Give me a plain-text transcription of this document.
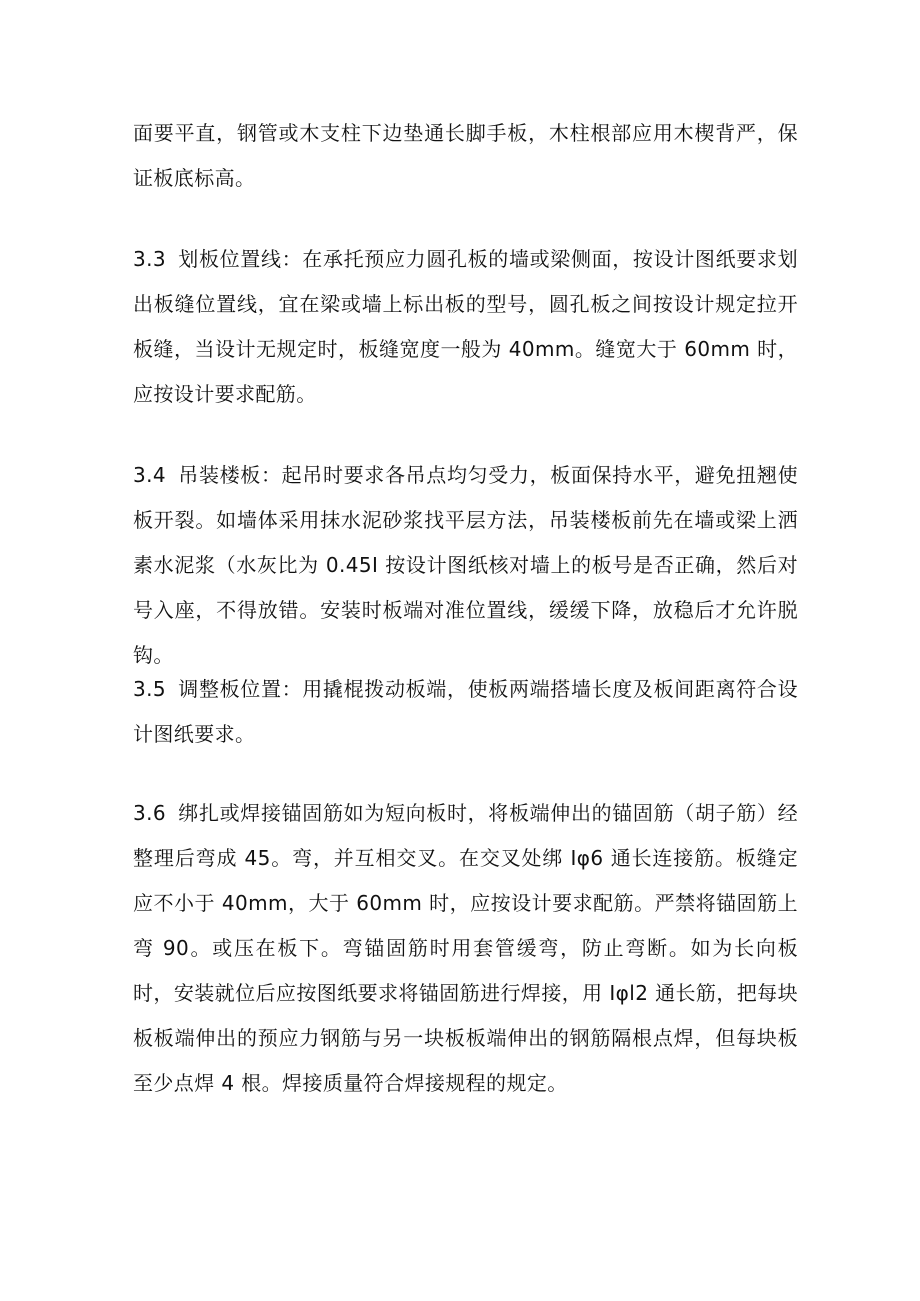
面要平直，钢管或木支柱下边垫通长脚手板，木柱根部应用木楔背严，保证板底标高。

3.3 划板位置线：在承托预应力圆孔板的墙或梁侧面，按设计图纸要求划出板缝位置线，宜在梁或墙上标出板的型号，圆孔板之间按设计规定拉开板缝，当设计无规定时，板缝宽度一般为 40mm。缝宽大于 60mm 时，应按设计要求配筋。

3.4 吊装楼板：起吊时要求各吊点均匀受力，板面保持水平，避免扭翘使板开裂。如墙体采用抹水泥砂浆找平层方法，吊装楼板前先在墙或梁上洒素水泥浆（水灰比为 0.45I 按设计图纸核对墙上的板号是否正确，然后对号入座，不得放错。安装时板端对准位置线，缓缓下降，放稳后才允许脱钩。

3.5 调整板位置：用撬棍拨动板端，使板两端搭墙长度及板间距离符合设计图纸要求。

3.6 绑扎或焊接锚固筋如为短向板时，将板端伸出的锚固筋（胡子筋）经整理后弯成 45。弯，并互相交叉。在交叉处绑 Iφ6 通长连接筋。板缝定应不小于 40mm，大于 60mm 时，应按设计要求配筋。严禁将锚固筋上弯 90。或压在板下。弯锚固筋时用套管缓弯，防止弯断。如为长向板时，安装就位后应按图纸要求将锚固筋进行焊接，用 Iφl2 通长筋，把每块板板端伸出的预应力钢筋与另一块板板端伸出的钢筋隔根点焊，但每块板至少点焊 4 根。焊接质量符合焊接规程的规定。
